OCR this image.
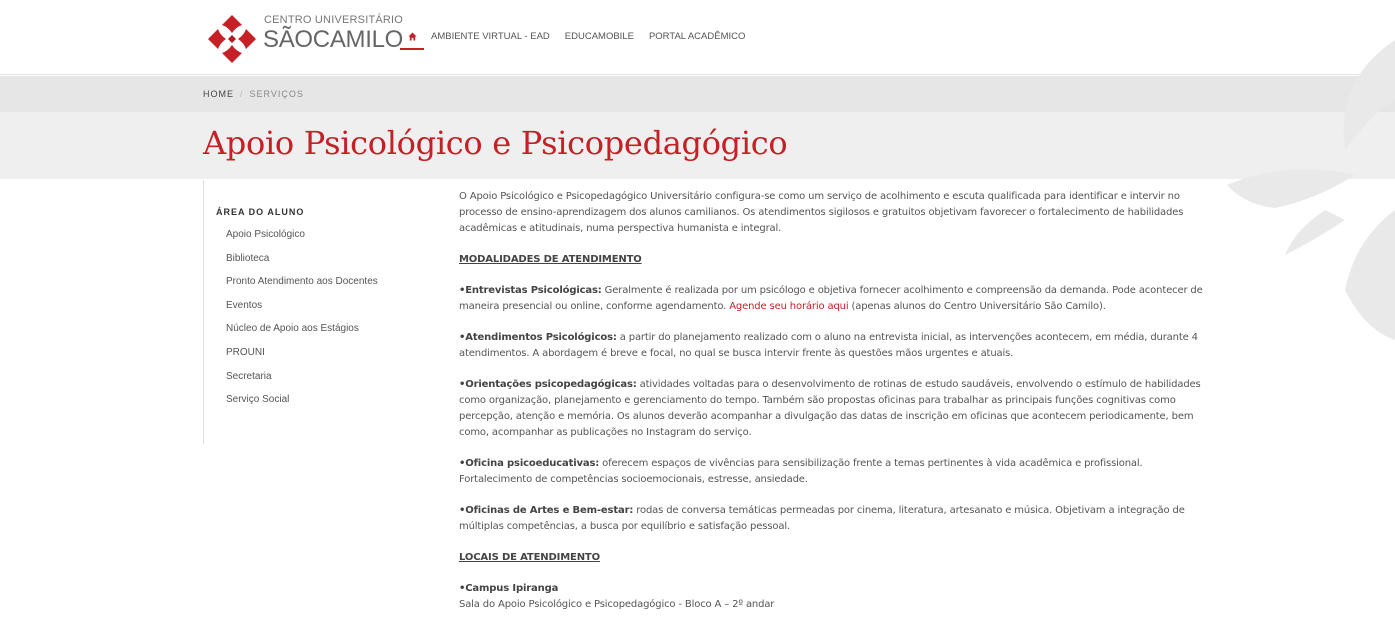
CENTRO UNIVERSITÁRIO
SÃOCAMILO	AMBIENTE VIRTUAL - EAD EDUCAMOBILE PORTAL ACADÊMICO
HOME / SERVIÇOS
Apoio Psicológico e Psicopedagógico
ÁREA DO ALUNO
Apoio Psicológico
Biblioteca
Pronto Atendimento aos Docentes
Eventos
Núcleo de Apoio aos Estágios
PROUNI
Secretaria
Serviço Social

O Apoio Psicológico e Psicopedagógico Universitário configura-se como um serviço de acolhimento e escuta qualificada para identificar e intervir no processo de ensino-aprendizagem dos alunos camilianos. Os atendimentos sigilosos e gratuitos objetivam favorecer o fortalecimento de habilidades acadêmicas e atitudinais, numa perspectiva humanista e integral.

MODALIDADES DE ATENDIMENTO

•Entrevistas Psicológicas: Geralmente é realizada por um psicólogo e objetiva fornecer acolhimento e compreensão da demanda. Pode acontecer de maneira presencial ou online, conforme agendamento. Agende seu horário aqui (apenas alunos do Centro Universitário São Camilo).

•Atendimentos Psicológicos: a partir do planejamento realizado com o aluno na entrevista inicial, as intervenções acontecem, em média, durante 4 atendimentos. A abordagem é breve e focal, no qual se busca intervir frente às questões mãos urgentes e atuais.

•Orientações psicopedagógicas: atividades voltadas para o desenvolvimento de rotinas de estudo saudáveis, envolvendo o estímulo de habilidades como organização, planejamento e gerenciamento do tempo. Também são propostas oficinas para trabalhar as principais funções cognitivas como percepção, atenção e memória. Os alunos deverão acompanhar a divulgação das datas de inscrição em oficinas que acontecem periodicamente, bem como, acompanhar as publicações no Instagram do serviço.

•Oficina psicoeducativas: oferecem espaços de vivências para sensibilização frente a temas pertinentes à vida acadêmica e profissional. Fortalecimento de competências socioemocionais, estresse, ansiedade.

•Oficinas de Artes e Bem-estar: rodas de conversa temáticas permeadas por cinema, literatura, artesanato e música. Objetivam a integração de múltiplas competências, a busca por equilíbrio e satisfação pessoal.

LOCAIS DE ATENDIMENTO

•Campus Ipiranga

Sala do Apoio Psicológico e Psicopedagógico - Bloco A – 2º andar
